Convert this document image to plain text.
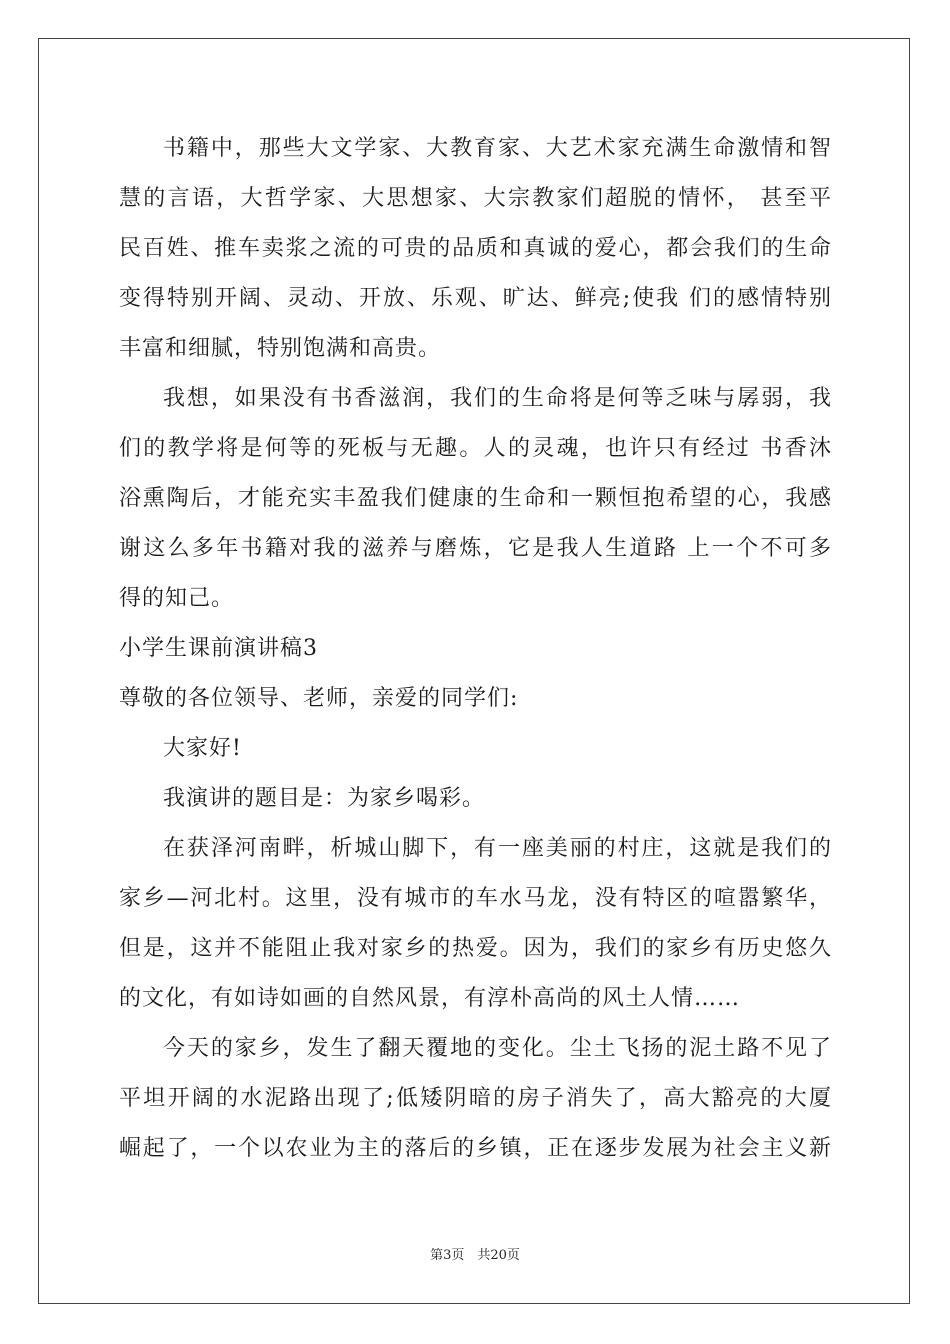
书籍中，那些大文学家、大教育家、大艺术家充满生命激情和智
慧的言语，大哲学家、大思想家、大宗教家们超脱的情怀， 甚至平
民百姓、推车卖浆之流的可贵的品质和真诚的爱心，都会我们的生命
变得特别开阔、灵动、开放、乐观、旷达、鲜亮;使我 们的感情特别
丰富和细腻，特别饱满和高贵。
我想，如果没有书香滋润，我们的生命将是何等乏味与孱弱，我
们的教学将是何等的死板与无趣。人的灵魂，也许只有经过 书香沐
浴熏陶后，才能充实丰盈我们健康的生命和一颗恒抱希望的心，我感
谢这么多年书籍对我的滋养与磨炼，它是我人生道路 上一个不可多
得的知己。
小学生课前演讲稿3
尊敬的各位领导、老师，亲爱的同学们:
大家好!
我演讲的题目是：为家乡喝彩。
在获泽河南畔，析城山脚下，有一座美丽的村庄，这就是我们的
家乡—河北村。这里，没有城市的车水马龙，没有特区的喧嚣繁华，
但是，这并不能阻止我对家乡的热爱。因为，我们的家乡有历史悠久
的文化，有如诗如画的自然风景，有淳朴高尚的风土人情……
今天的家乡，发生了翻天覆地的变化。尘土飞扬的泥土路不见了
平坦开阔的水泥路出现了;低矮阴暗的房子消失了，高大豁亮的大厦
崛起了，一个以农业为主的落后的乡镇，正在逐步发展为社会主义新
第3页　共20页
